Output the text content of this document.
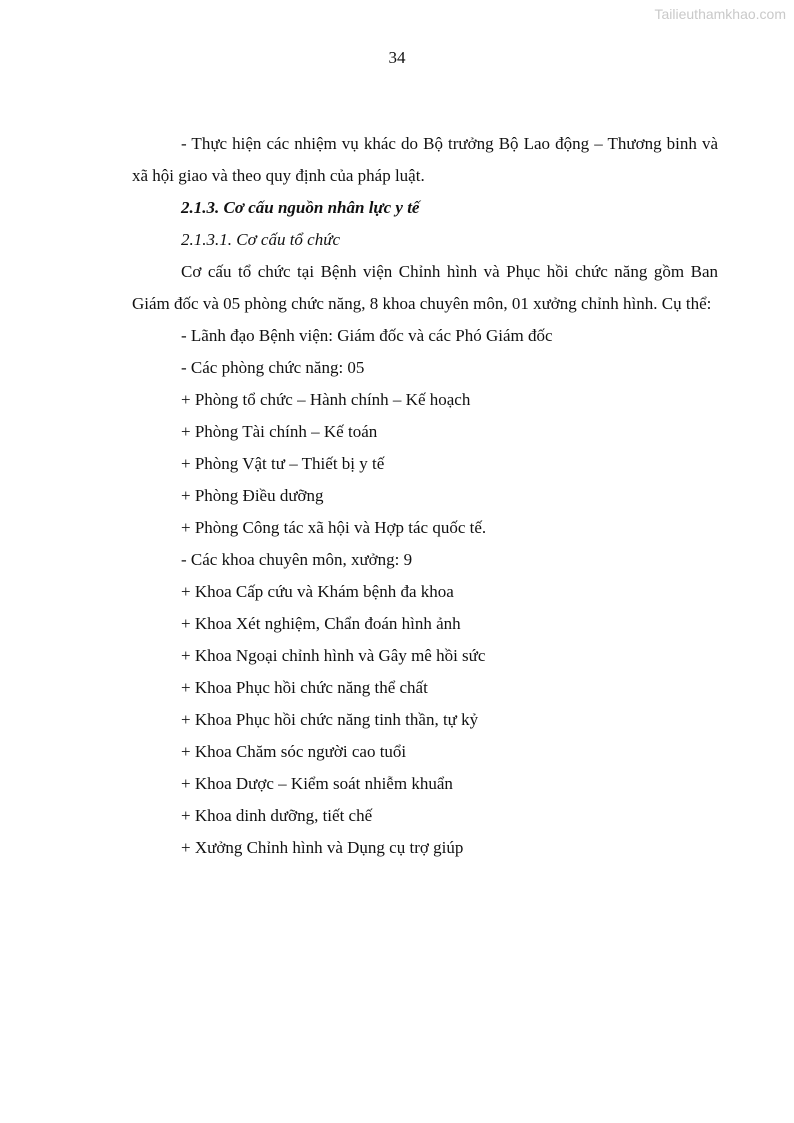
Tailieuthamkhao.com
34

- Thực hiện các nhiệm vụ khác do Bộ trưởng Bộ Lao động – Thương binh và xã hội giao và theo quy định của pháp luật.

2.1.3. Cơ cấu nguồn nhân lực y tế

2.1.3.1. Cơ cấu tổ chức

Cơ cấu tổ chức tại Bệnh viện Chỉnh hình và Phục hồi chức năng gồm Ban Giám đốc và 05 phòng chức năng, 8 khoa chuyên môn, 01 xưởng chỉnh hình. Cụ thể:

- Lãnh đạo Bệnh viện: Giám đốc và các Phó Giám đốc

- Các phòng chức năng: 05

+ Phòng tổ chức – Hành chính – Kế hoạch

+ Phòng Tài chính – Kế toán

+ Phòng Vật tư – Thiết bị y tế

+ Phòng Điều dưỡng

+ Phòng Công tác xã hội và Hợp tác quốc tế.

- Các khoa chuyên môn, xưởng: 9

+ Khoa Cấp cứu và Khám bệnh đa khoa

+ Khoa Xét nghiệm, Chẩn đoán hình ảnh

+ Khoa Ngoại chỉnh hình và Gây mê hồi sức

+ Khoa Phục hồi chức năng thể chất

+ Khoa Phục hồi chức năng tinh thần, tự kỷ

+ Khoa Chăm sóc người cao tuổi

+ Khoa Dược – Kiểm soát nhiễm khuẩn

+ Khoa dinh dưỡng, tiết chế

+ Xưởng Chỉnh hình và Dụng cụ trợ giúp
